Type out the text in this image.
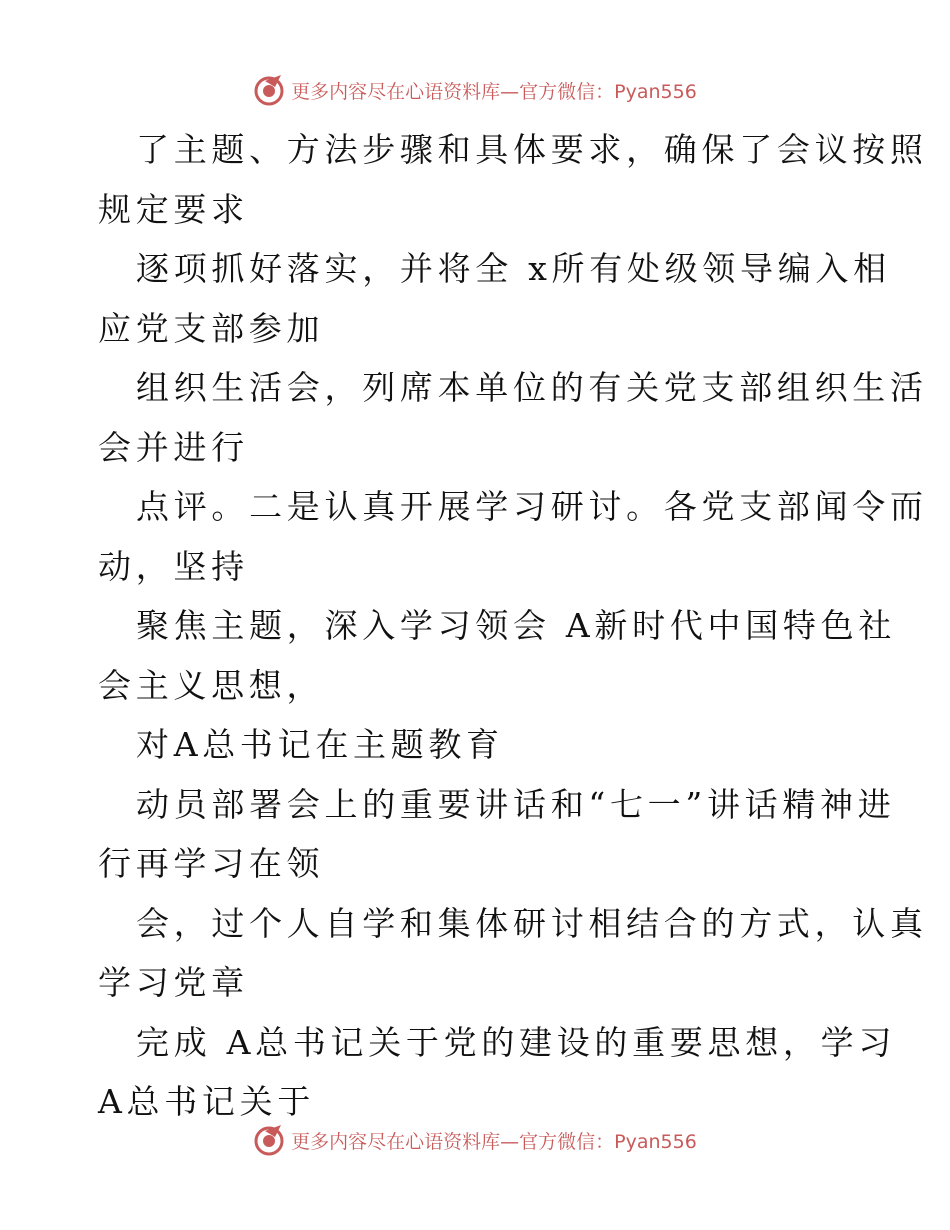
更多内容尽在心语资料库—官方微信：Pyan556
了主题、方法步骤和具体要求，确保了会议按照
规定要求
逐项抓好落实，并将全 x所有处级领导编入相
应党支部参加
组织生活会，列席本单位的有关党支部组织生活
会并进行
点评。二是认真开展学习研讨。各党支部闻令而
动，坚持
聚焦主题，深入学习领会 A新时代中国特色社
会主义思想，
对A总书记在主题教育
动员部署会上的重要讲话和“七一”讲话精神进
行再学习在领
会，过个人自学和集体研讨相结合的方式，认真
学习党章
完成 A总书记关于党的建设的重要思想，学习
A总书记关于
更多内容尽在心语资料库—官方微信：Pyan556
